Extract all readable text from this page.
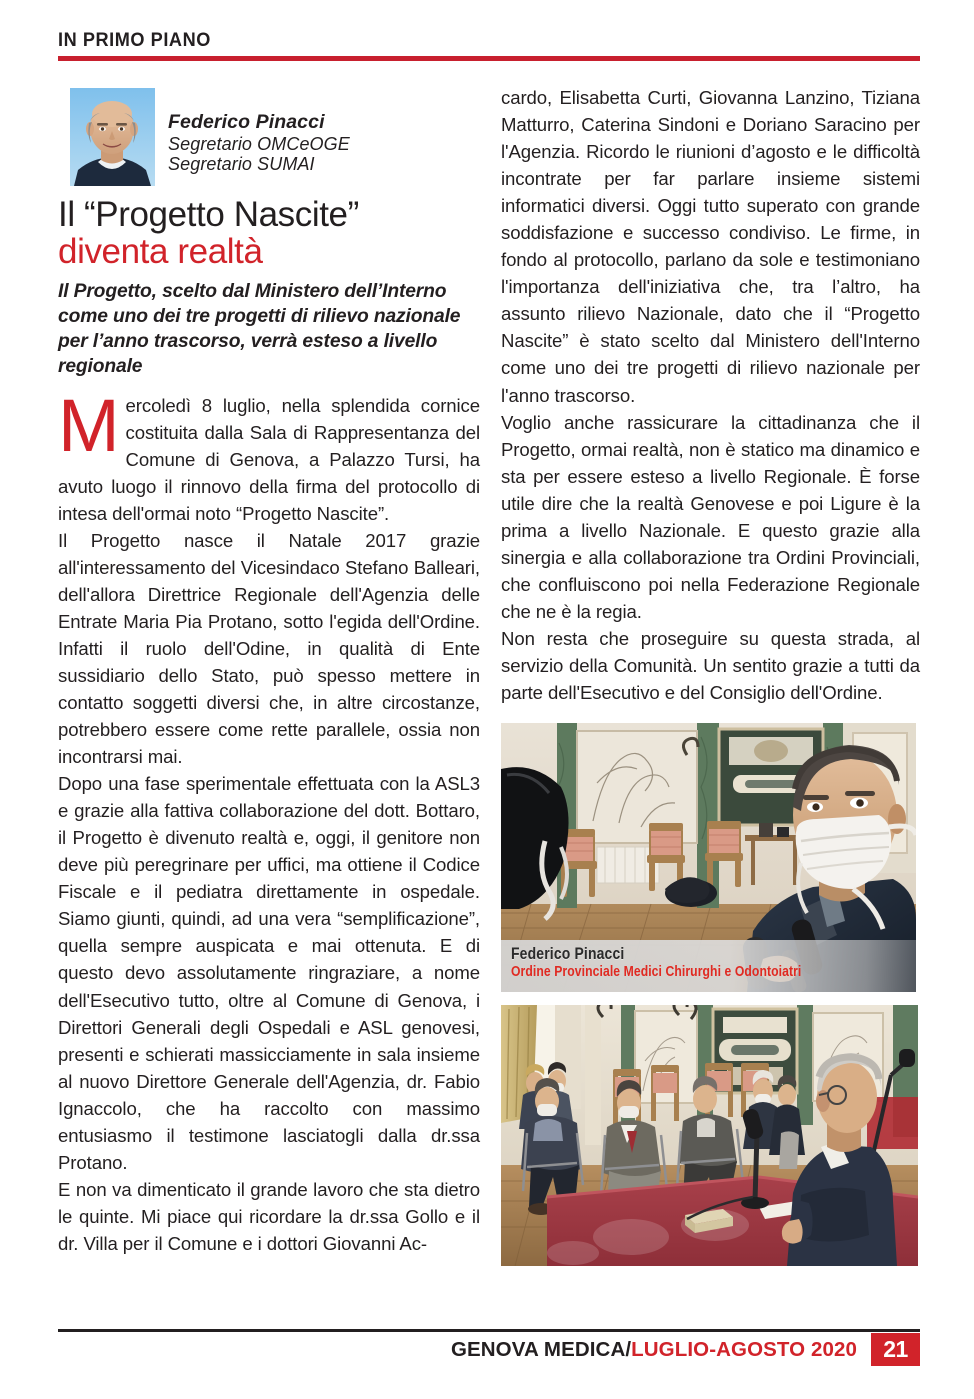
IN PRIMO PIANO
Federico Pinacci
Segretario OMCeOGE
Segretario SUMAI
Il “Progetto Nascite”
diventa realtà
Il Progetto, scelto dal Ministero dell’Interno come uno dei tre progetti di rilievo nazionale per l’anno trascorso, verrà esteso a livello regionale

Mercoledì 8 luglio, nella splendida cornice costituita dalla Sala di Rappresentanza del Comune di Genova, a Palazzo Tursi, ha avuto luogo il rinnovo della firma del protocollo di intesa dell'ormai noto “Progetto Nascite”.

Il Progetto nasce il Natale 2017 grazie all'interessamento del Vicesindaco Stefano Balleari, dell'allora Direttrice Regionale dell'Agenzia delle Entrate Maria Pia Protano, sotto l'egida dell'Ordine. Infatti il ruolo dell'Odine, in qualità di Ente sussidiario dello Stato, può spesso mettere in contatto soggetti diversi che, in altre circostanze, potrebbero essere come rette parallele, ossia non incontrarsi mai.

Dopo una fase sperimentale effettuata con la ASL3 e grazie alla fattiva collaborazione del dott. Bottaro, il Progetto è divenuto realtà e, oggi, il genitore non deve più peregrinare per uffici, ma ottiene il Codice Fiscale e il pediatra direttamente in ospedale. Siamo giunti, quindi, ad una vera “semplificazione”, quella sempre auspicata e mai ottenuta. E di questo devo assolutamente ringraziare, a nome dell'Esecutivo tutto, oltre al Comune di Genova, i Direttori Generali degli Ospedali e ASL genovesi, presenti e schierati massicciamente in sala insieme al nuovo Direttore Generale dell'Agenzia, dr. Fabio Ignaccolo, che ha raccolto con massimo entusiasmo il testimone lasciatogli dalla dr.ssa Protano.

E non va dimenticato il grande lavoro che sta dietro le quinte. Mi piace qui ricordare la dr.ssa Gollo e il dr. Villa per il Comune e i dottori Giovanni Ac-

cardo, Elisabetta Curti, Giovanna Lanzino, Tiziana Matturro, Caterina Sindoni e Doriano Saracino per l'Agenzia. Ricordo le riunioni d’agosto e le difficoltà incontrate per far parlare insieme sistemi informatici diversi. Oggi tutto superato con grande soddisfazione e successo condiviso. Le firme, in fondo al protocollo, parlano da sole e testimoniano l'importanza dell'iniziativa che, tra l’altro, ha assunto rilievo Nazionale, dato che il “Progetto Nascite” è stato scelto dal Ministero dell'Interno come uno dei tre progetti di rilievo nazionale per l'anno trascorso.

Voglio anche rassicurare la cittadinanza che il Progetto, ormai realtà, non è statico ma dinamico e sta per essere esteso a livello Regionale. È forse utile dire che la realtà Genovese e poi Ligure è la prima a livello Nazionale. E questo grazie alla sinergia e alla collaborazione tra Ordini Provinciali, che confluiscono poi nella Federazione Regionale che ne è la regia.

Non resta che proseguire su questa strada, al servizio della Comunità. Un sentito grazie a tutti da parte dell'Esecutivo e del Consiglio dell'Ordine.

Federico Pinacci
Ordine Provinciale Medici Chirurghi e Odontoiatri
GENOVA MEDICA/ LUGLIO-AGOSTO 2020	21
